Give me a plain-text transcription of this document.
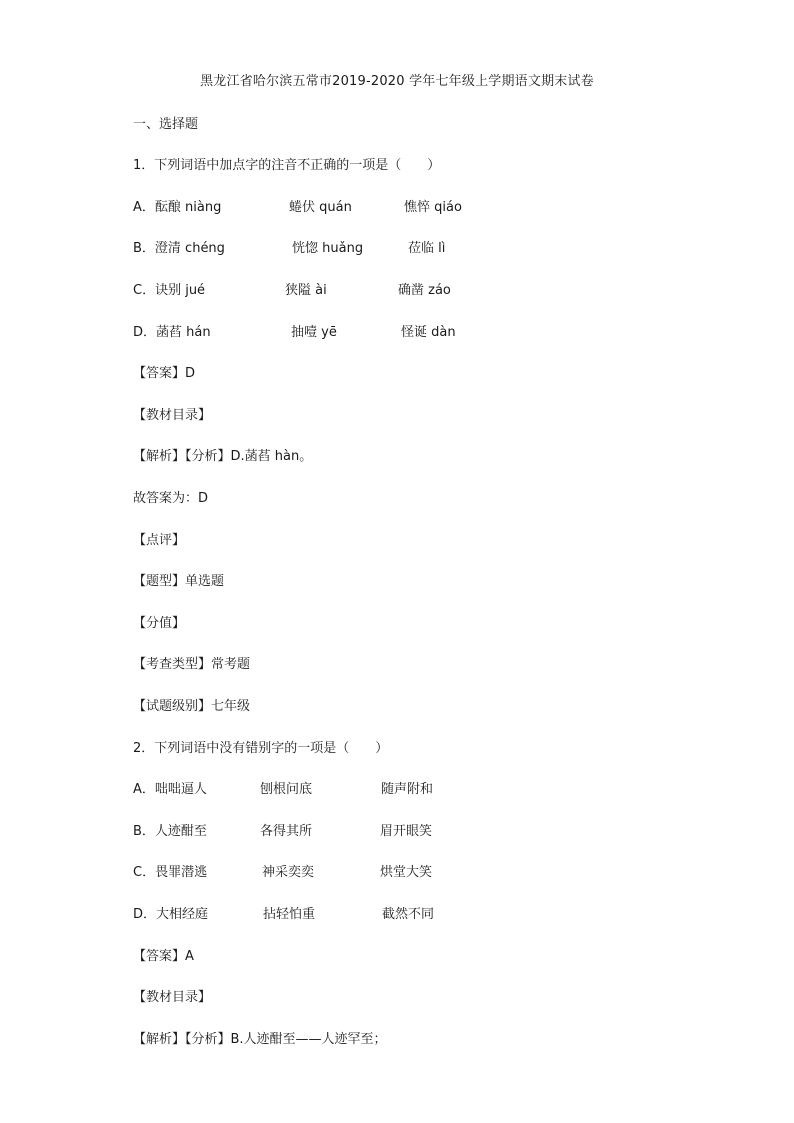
黑龙江省哈尔滨五常市2019-2020 学年七年级上学期语文期末试卷
一、选择题
1．下列词语中加点字的注音不正确的一项是（　　）
A．酝酿 niàng	蜷伏 quán	憔悴 qiáo
B．澄清 chéng	恍惚 huǎng	莅临 lì
C．诀别 jué	狭隘 ài	确凿 záo
D．菡萏 hán	抽噎 yē	怪诞 dàn
【答案】D
【教材目录】
【解析】【分析】D.菡萏 hàn。
故答案为：D
【点评】
【题型】单选题
【分值】
【考查类型】常考题
【试题级别】七年级
2．下列词语中没有错别字的一项是（　　）
A．咄咄逼人	刨根问底	随声附和
B．人迹酣至	各得其所	眉开眼笑
C．畏罪潜逃	神采奕奕	烘堂大笑
D．大相经庭	拈轻怕重	截然不同
【答案】A
【教材目录】
【解析】【分析】B.人迹酣至——人迹罕至；
